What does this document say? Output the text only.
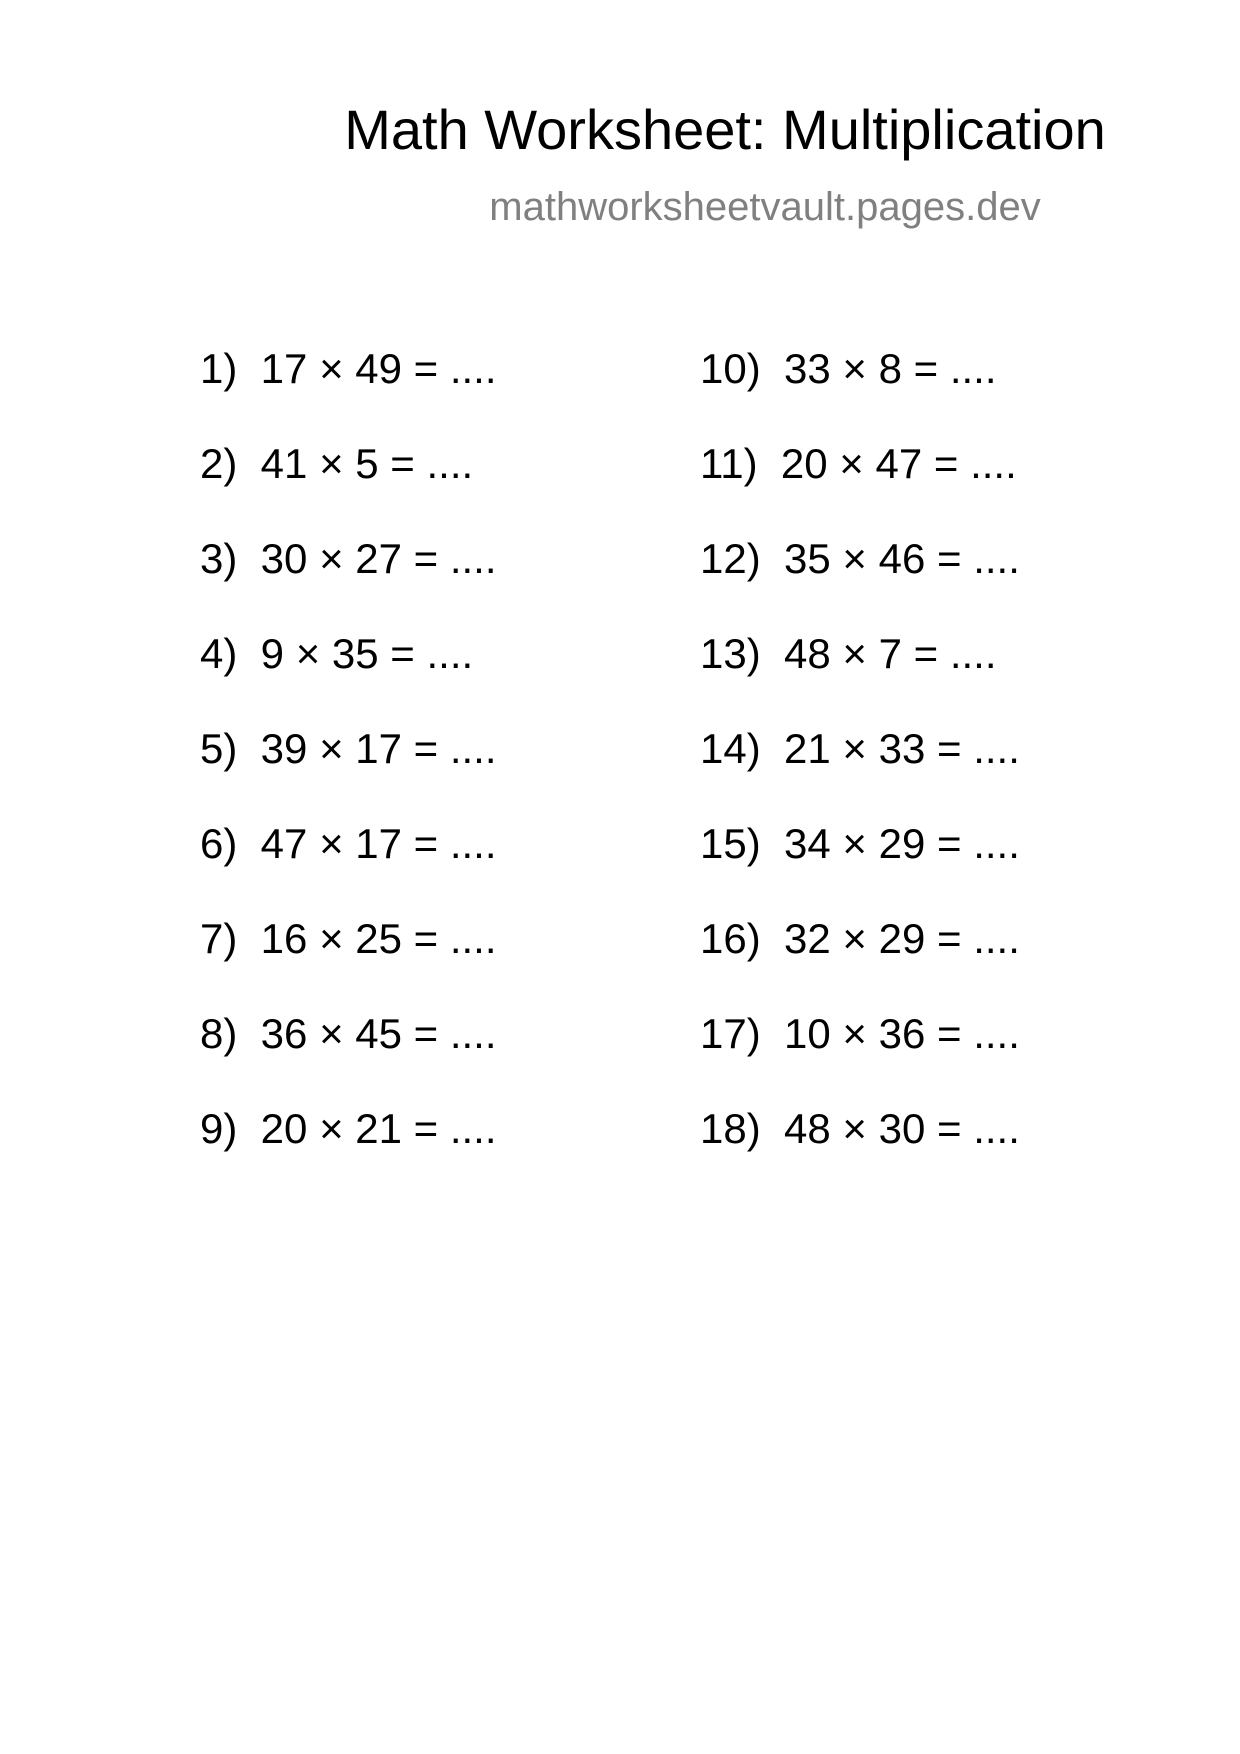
Math Worksheet: Multiplication
mathworksheetvault.pages.dev
1)  17 × 49 = ....
2)  41 × 5 = ....
3)  30 × 27 = ....
4)  9 × 35 = ....
5)  39 × 17 = ....
6)  47 × 17 = ....
7)  16 × 25 = ....
8)  36 × 45 = ....
9)  20 × 21 = ....
10)  33 × 8 = ....
11)  20 × 47 = ....
12)  35 × 46 = ....
13)  48 × 7 = ....
14)  21 × 33 = ....
15)  34 × 29 = ....
16)  32 × 29 = ....
17)  10 × 36 = ....
18)  48 × 30 = ....
